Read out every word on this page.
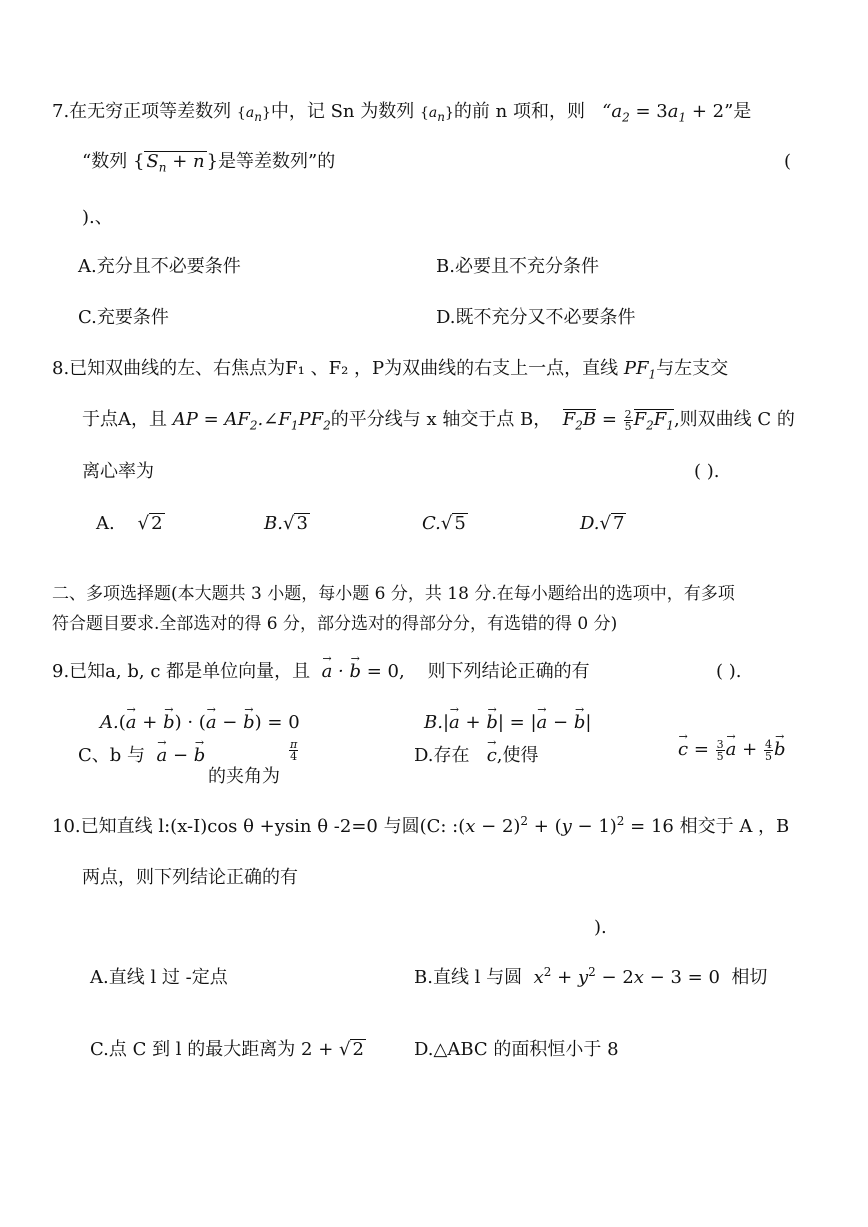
7.在无穷正项等差数列 $\{a_n\}$中，记 Sn 为数列 $\{a_n\}$的前 n 项和，则 “$a_2 = 3a_1 + 2$”是
“数列 { $S_n + n$ }是等差数列”的	(
).、
A.充分且不必要条件	B.必要且不充分条件
C.充要条件	D.既不充分又不必要条件
8.已知双曲线的左、右焦点为F₁ 、F₂ ，P为双曲线的右支上一点，直线 $PF_1$与左支交
于点A，且 AP = $AF_2.\angle F_1PF_2$的平分线与 x 轴交于点 B， $F_2B = \frac{2}{5} F_2F_1$,则双曲线 C 的
离心率为	( ).
A.    √ 2	B.√ 3	C.√ 5	D.√ 7
二、多项选择题(本大题共 3 小题，每小题 6 分，共 18 分.在每小题给出的选项中，有多项
符合题目要求.全部选对的得 6 分，部分选对的得部分分，有选错的得 0 分)
9.已知a, b, c 都是单位向量，且 a → · b → = 0, 则下列结论正确的有	( ).
A.(a → + b →) · (a → − b →) = 0	B.|a → + b →| = |a → − b →|
C、b 与 a → − b →
的夹角为
$\frac{\pi}{4}$	D.存在 c →,使得	c → = $\frac{3}{5}$ a → + $\frac{4}{5}$ b →
10.已知直线 l:(x-I)cos θ +ysin θ -2=0 与圆(C: :(x − $2)^2 + (y - 1)^2 = 16$ 相交于 A ，B
两点，则下列结论正确的有
).
A.直线 l 过 -定点	B.直线 l 与圆 $x^2 + y^2 - 2x - 3 = 0$ 相切
C.点 C 到 l 的最大距离为 2 + √ 2	D.△ABC 的面积恒小于 8
